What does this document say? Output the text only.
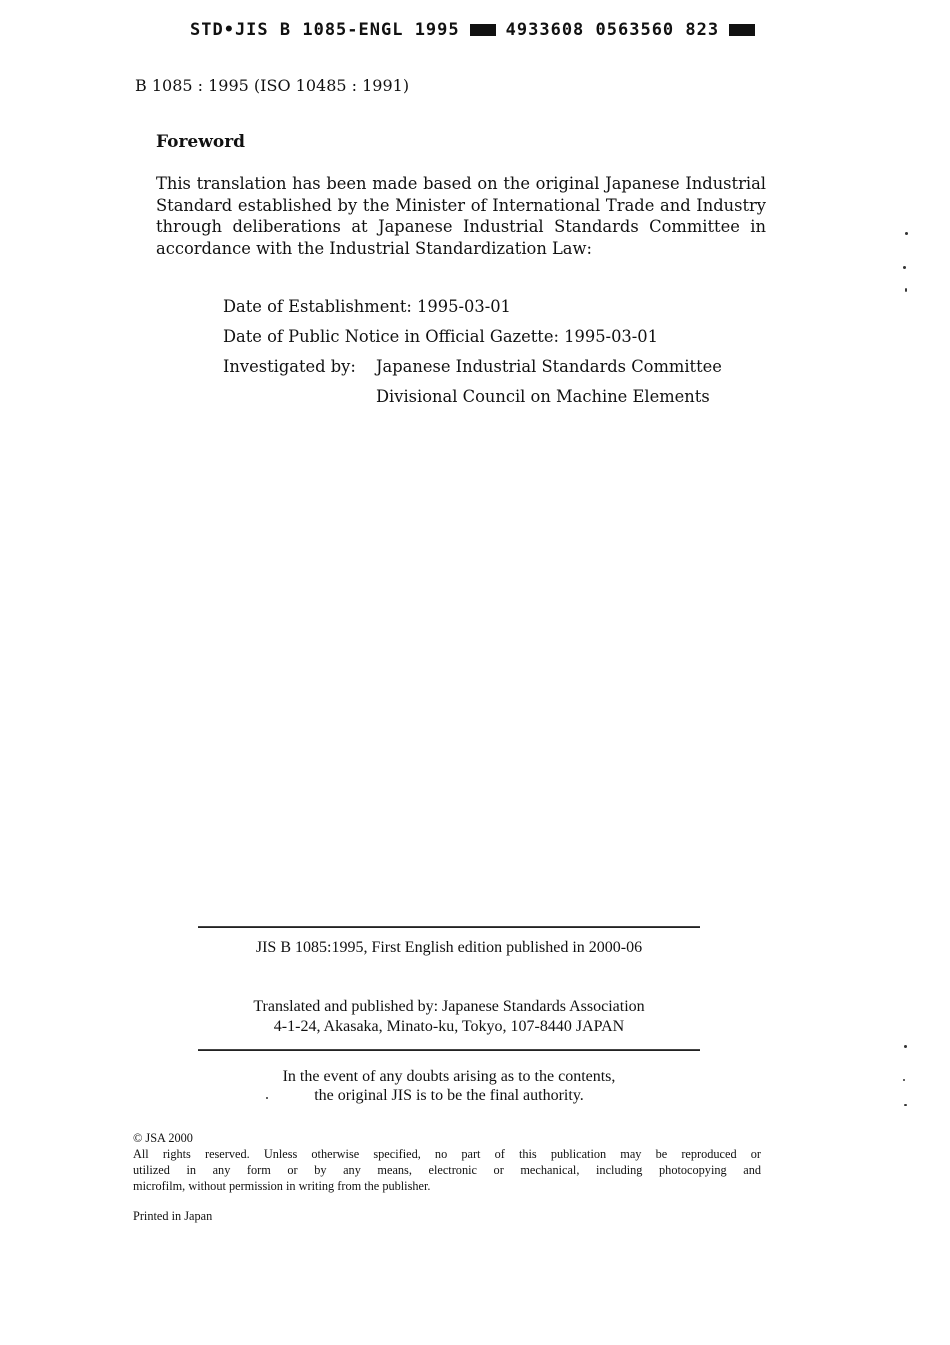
STD•JIS B 1085-ENGL 1995	4933608 0563560 823
B 1085 : 1995 (ISO 10485 : 1991)
Foreword
This translation has been made based on the original Japanese Industrial
Standard established by the Minister of International Trade and Industry
through deliberations at Japanese Industrial Standards Committee in
accordance with the Industrial Standardization Law:
Date of Establishment: 1995-03-01
Date of Public Notice in Official Gazette: 1995-03-01
Investigated by: Japanese Industrial Standards Committee
Divisional Council on Machine Elements
JIS B 1085:1995, First English edition published in 2000-06
Translated and published by: Japanese Standards Association
4-1-24, Akasaka, Minato-ku, Tokyo, 107-8440 JAPAN
In the event of any doubts arising as to the contents,
the original JIS is to be the final authority.
© JSA 2000
All rights reserved. Unless otherwise specified, no part of this publication may be reproduced or
utilized in any form or by any means, electronic or mechanical, including photocopying and
microfilm, without permission in writing from the publisher.
Printed in Japan
